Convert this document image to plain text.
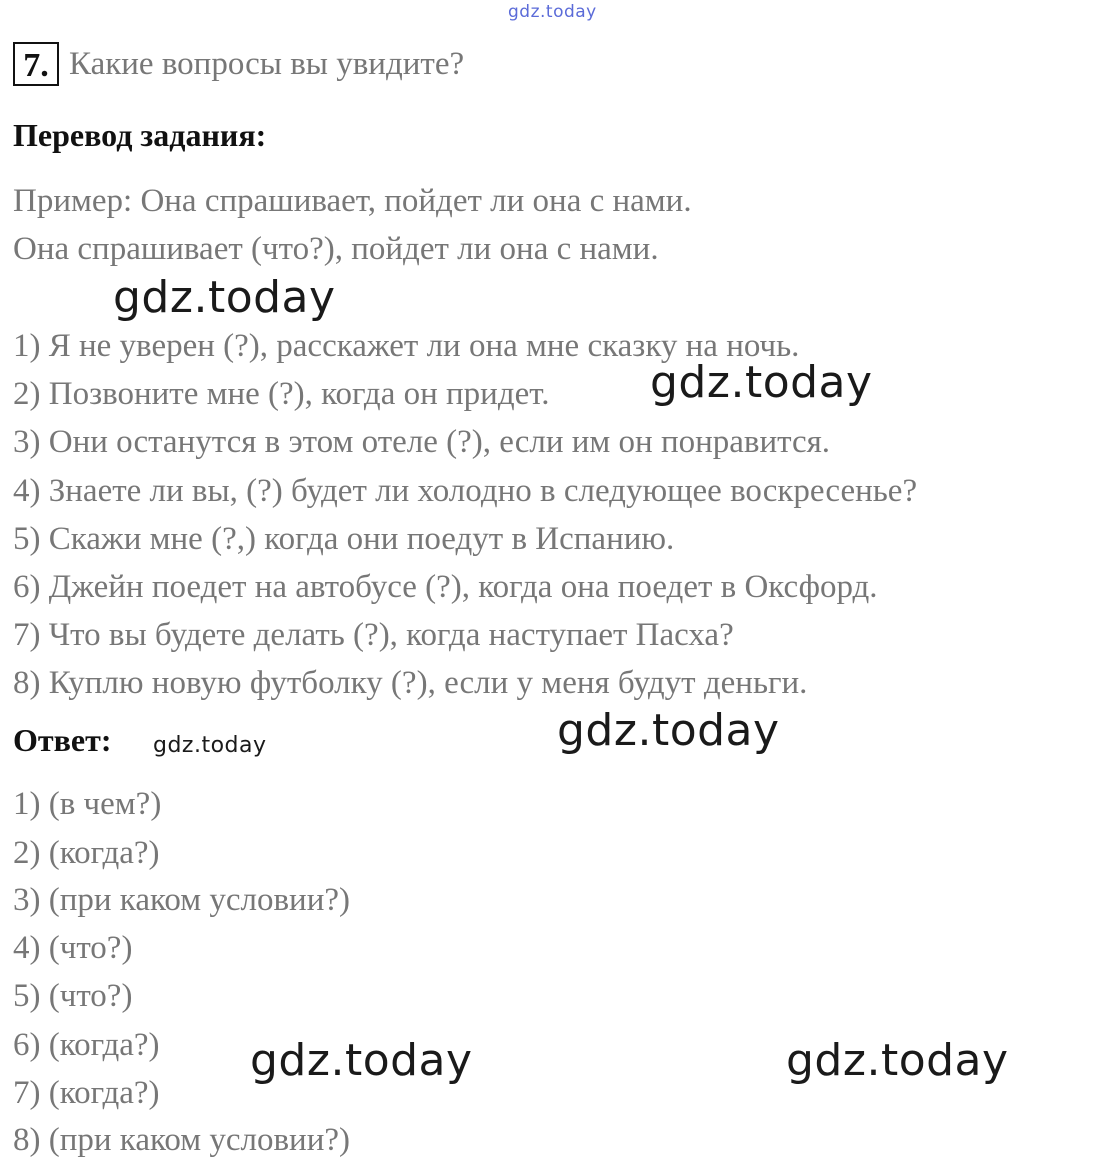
gdz.today
gdz.today
gdz.today
gdz.today
gdz.today
gdz.today	gdz.today
7. Какие вопросы вы увидите?
Перевод задания:
Пример: Она спрашивает, пойдет ли она с нами.
Она спрашивает (что?), пойдет ли она с нами.
1) Я не уверен (?), расскажет ли она мне сказку на ночь.
2) Позвоните мне (?), когда он придет.
3) Они останутся в этом отеле (?), если им он понравится.
4) Знаете ли вы, (?) будет ли холодно в следующее воскресенье?
5) Скажи мне (?,) когда они поедут в Испанию.
6) Джейн поедет на автобусе (?), когда она поедет в Оксфорд.
7) Что вы будете делать (?), когда наступает Пасха?
8) Куплю новую футболку (?), если у меня будут деньги.
Ответ:
1) (в чем?)
2) (когда?)
3) (при каком условии?)
4) (что?)
5) (что?)
6) (когда?)
7) (когда?)
8) (при каком условии?)
